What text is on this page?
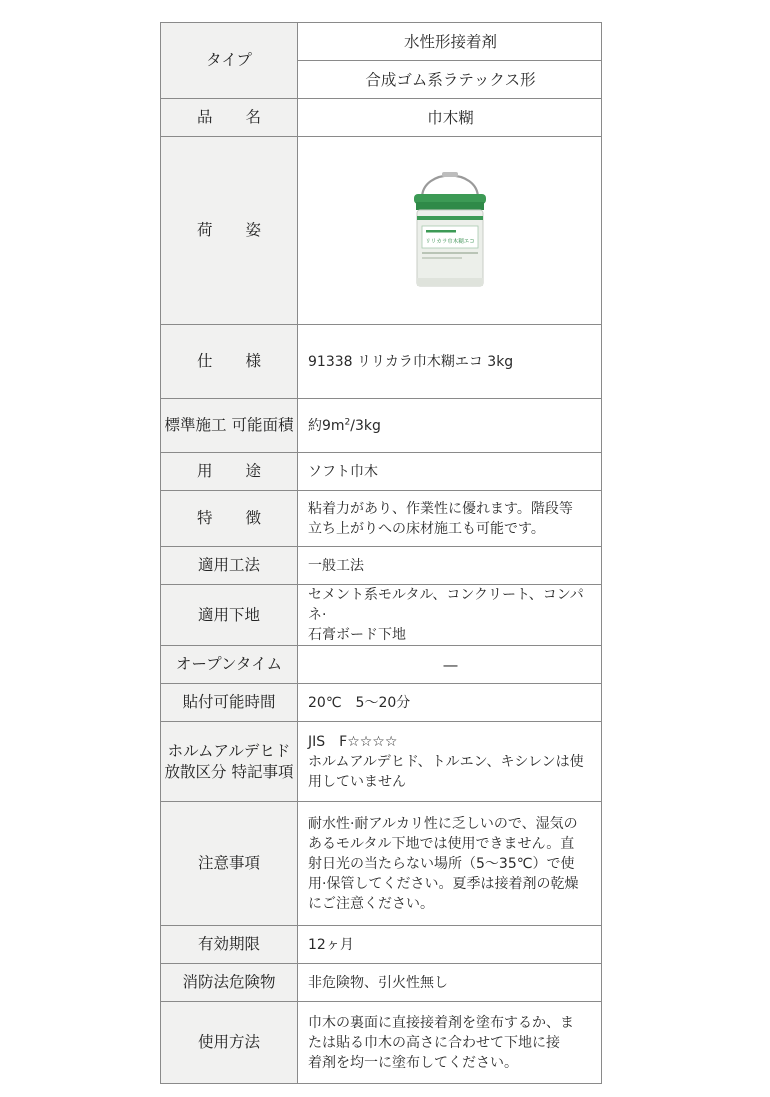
タイプ	水性形接着剤
	合成ゴム系ラテックス形
品 名	巾木糊
荷 姿	リリカラ巾木糊エコ

仕 様	91338 リリカラ巾木糊エコ 3kg
標準施工 可能面積	約$9m^2/3kg$
用 途	ソフト巾木
特 徴	粘着力があり、作業性に優れます。階段等
立ち上がりへの床材施工も可能です。

適用工法	一般工法
適用下地	セメント系モルタル、コンクリート、コンパネ·
石膏ボード下地

オープンタイム	—
貼付可能時間	20℃　5～20分
ホルムアルデヒド 放散区分 特記事項	JIS　F☆☆☆☆
ホルムアルデヒド、トルエン、キシレンは使
用していません

注意事項	耐水性·耐アルカリ性に乏しいので、湿気の
あるモルタル下地では使用できません。直
射日光の当たらない場所（5～35℃）で使
用·保管してください。夏季は接着剤の乾燥
にご注意ください。

有効期限	12ヶ月
消防法危険物	非危険物、引火性無し
使用方法	巾木の裏面に直接接着剤を塗布するか、ま
たは貼る巾木の高さに合わせて下地に接
着剤を均一に塗布してください。
